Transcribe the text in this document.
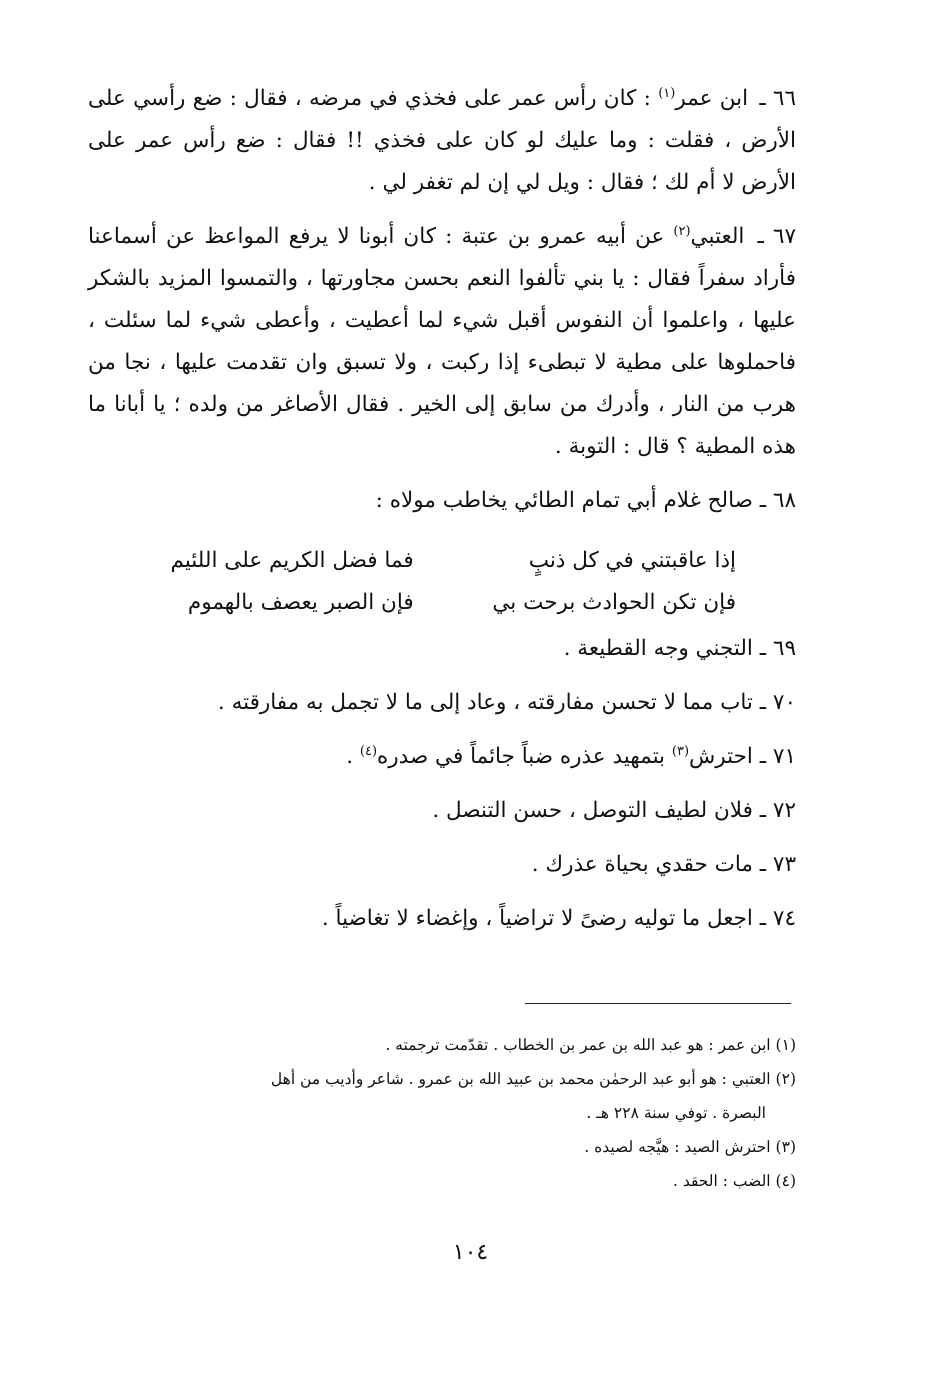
٦٦ ـ ابن عمر$^{(١)}$ : كان رأس عمر على فخذي في مرضه ، فقال : ضع رأسي على الأرض ، فقلت : وما عليك لو كان على فخذي !! فقال : ضع رأس عمر على الأرض لا أم لك ؛ فقال : ويل لي إن لم تغفر لي .

٦٧ ـ العتبي$^{(٢)}$ عن أبيه عمرو بن عتبة : كان أبونا لا يرفع المواعظ عن أسماعنا فأراد سفراً فقال : يا بني تألفوا النعم بحسن مجاورتها ، والتمسوا المزيد بالشكر عليها ، واعلموا أن النفوس أقبل شيء لما أعطيت ، وأعطى شيء لما سئلت ، فاحملوها على مطية لا تبطىء إذا ركبت ، ولا تسبق وان تقدمت عليها ، نجا من هرب من النار ، وأدرك من سابق إلى الخير . فقال الأصاغر من ولده ؛ يا أبانا ما هذه المطية ؟ قال : التوبة .

٦٨ ـ صالح غلام أبي تمام الطائي يخاطب مولاه :

إذا عاقبتني في كل ذنبٍ
فما فضل الكريم على اللئيم
فإن تكن الحوادث برحت بي
فإن الصبر يعصف بالهموم

٦٩ ـ التجني وجه القطيعة .

٧٠ ـ تاب مما لا تحسن مفارقته ، وعاد إلى ما لا تجمل به مفارقته .

٧١ ـ احترش$^{(٣)}$ بتمهيد عذره ضباً جائماً في صدره$^{(٤)}$ .

٧٢ ـ فلان لطيف التوصل ، حسن التنصل .

٧٣ ـ مات حقدي بحياة عذرك .

٧٤ ـ اجعل ما توليه رضىً لا تراضياً ، وإغضاء لا تغاضياً .

(١) ابن عمر : هو عبد الله بن عمر بن الخطاب . تقدّمت ترجمته .

(٢) العتبي : هو أبو عبد الرحمٰن محمد بن عبيد الله بن عمرو . شاعر وأديب من أهل
البصرة . توفي سنة ٢٢٨ هـ .

(٣) احترش الصيد : هيَّجه لصيده .

(٤) الضب : الحقد .

١٠٤
